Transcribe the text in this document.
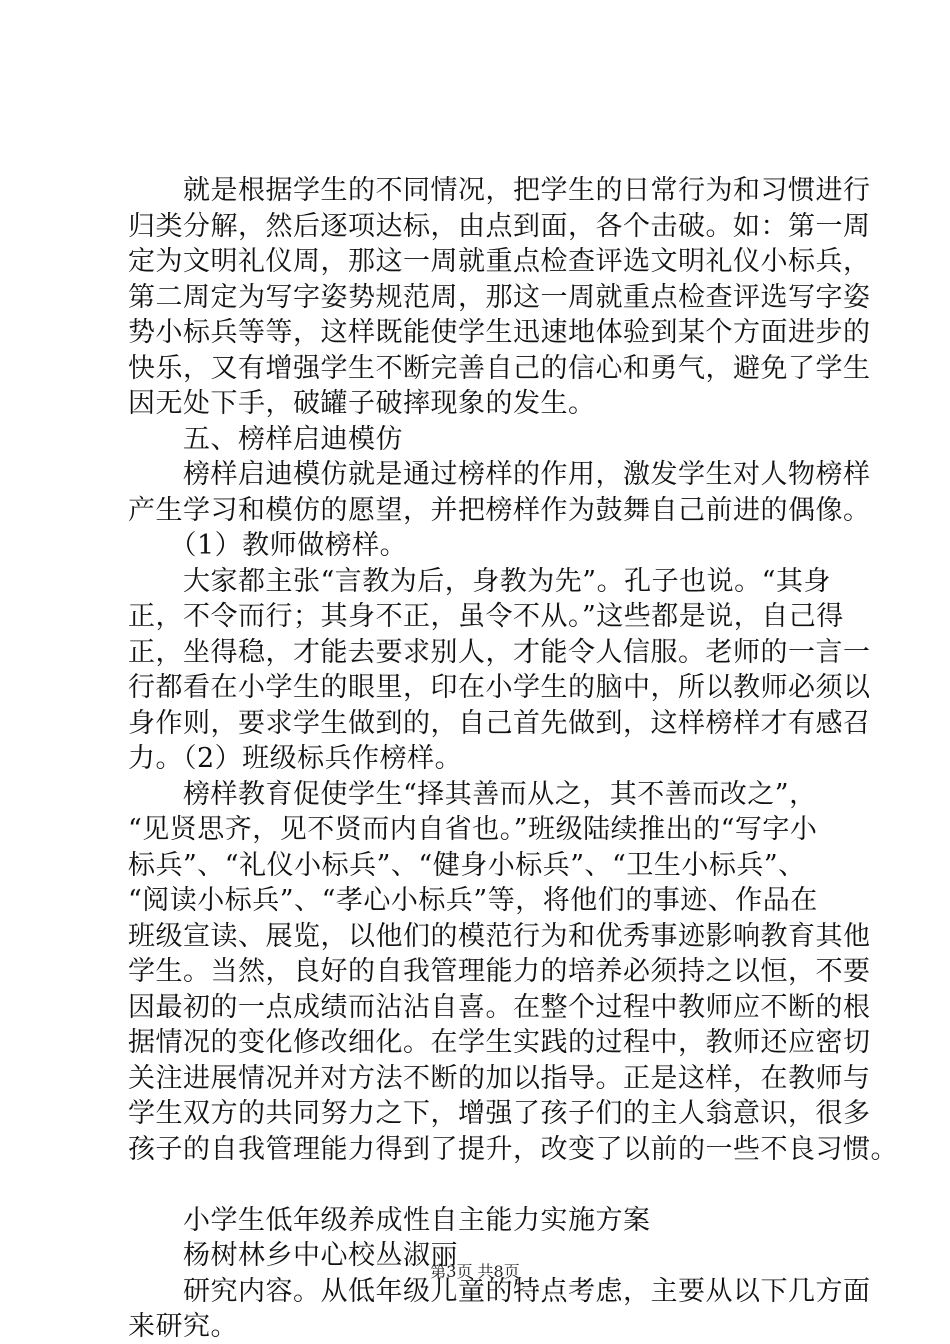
　　就是根据学生的不同情况，把学生的日常行为和习惯进行
归类分解，然后逐项达标，由点到面，各个击破。如：第一周
定为文明礼仪周，那这一周就重点检查评选文明礼仪小标兵，
第二周定为写字姿势规范周，那这一周就重点检查评选写字姿
势小标兵等等，这样既能使学生迅速地体验到某个方面进步的
快乐，又有增强学生不断完善自己的信心和勇气，避免了学生
因无处下手，破罐子破摔现象的发生。
　　五、榜样启迪模仿
　　榜样启迪模仿就是通过榜样的作用，激发学生对人物榜样
产生学习和模仿的愿望，并把榜样作为鼓舞自己前进的偶像。
　　（1）教师做榜样。
　　大家都主张“言教为后，身教为先”。孔子也说。“其身
正，不令而行；其身不正，虽令不从。”这些都是说，自己得
正，坐得稳，才能去要求别人，才能令人信服。老师的一言一
行都看在小学生的眼里，印在小学生的脑中，所以教师必须以
身作则，要求学生做到的，自己首先做到，这样榜样才有感召
力。（2）班级标兵作榜样。
　　榜样教育促使学生“择其善而从之，其不善而改之”，
“见贤思齐，见不贤而内自省也。”班级陆续推出的“写字小
标兵”、“礼仪小标兵”、“健身小标兵”、“卫生小标兵”、
“阅读小标兵”、“孝心小标兵”等，将他们的事迹、作品在
班级宣读、展览，以他们的模范行为和优秀事迹影响教育其他
学生。当然，良好的自我管理能力的培养必须持之以恒，不要
因最初的一点成绩而沾沾自喜。在整个过程中教师应不断的根
据情况的变化修改细化。在学生实践的过程中，教师还应密切
关注进展情况并对方法不断的加以指导。正是这样，在教师与
学生双方的共同努力之下，增强了孩子们的主人翁意识，很多
孩子的自我管理能力得到了提升，改变了以前的一些不良习惯。
　　小学生低年级养成性自主能力实施方案
　　杨树林乡中心校丛淑丽
　　研究内容。从低年级儿童的特点考虑，主要从以下几方面
来研究。
第3页 共8页
